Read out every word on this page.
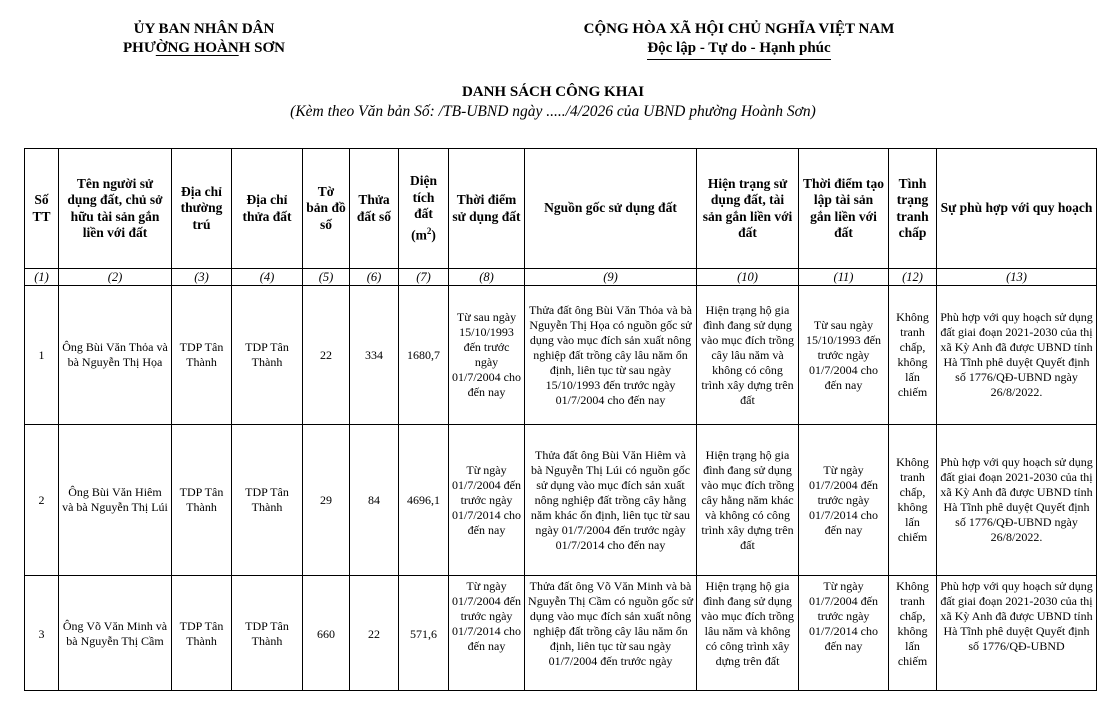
ỦY BAN NHÂN DÂN
PHƯỜNG HOÀNH SƠN
CỘNG HÒA XÃ HỘI CHỦ NGHĨA VIỆT NAM
Độc lập - Tự do - Hạnh phúc
DANH SÁCH CÔNG KHAI
(Kèm theo Văn bản Số: /TB-UBND ngày ...../4/2026 của UBND phường Hoành Sơn)
Số TT	Tên người sử dụng đất, chủ sở hữu tài sản gắn liền với đất	Địa chỉ thường trú	Địa chỉ thửa đất	Tờ bản đồ số	Thửa đất số	Diện tích đất $(m^2)$	Thời điểm sử dụng đất	Nguồn gốc sử dụng đất	Hiện trạng sử dụng đất, tài sản gắn liền với đất	Thời điểm tạo lập tài sản gắn liền với đất	Tình trạng tranh chấp	Sự phù hợp với quy hoạch
(1)	(2)	(3)	(4)	(5)	(6)	(7)	(8)	(9)	(10)	(11)	(12)	(13)
1	Ông Bùi Văn Thỏa và bà Nguyễn Thị Họa	TDP Tân Thành	TDP Tân Thành	22	334	1680,7	Từ sau ngày 15/10/1993 đến trước ngày 01/7/2004 cho đến nay	Thửa đất ông Bùi Văn Thỏa và bà Nguyễn Thị Họa có nguồn gốc sử dụng vào mục đích sản xuất nông nghiệp đất trồng cây lâu năm ổn định, liên tục từ sau ngày 15/10/1993 đến trước ngày 01/7/2004 cho đến nay	Hiện trạng hộ gia đình đang sử dụng vào mục đích trồng cây lâu năm và không có công trình xây dựng trên đất	Từ sau ngày 15/10/1993 đến trước ngày 01/7/2004 cho đến nay	Không tranh chấp, không lấn chiếm	Phù hợp với quy hoạch sử dụng đất giai đoạn 2021-2030 của thị xã Kỳ Anh đã được UBND tỉnh Hà Tĩnh phê duyệt Quyết định số 1776/QĐ-UBND ngày 26/8/2022.
2	Ông Bùi Văn Hiêm và bà Nguyễn Thị Lúi	TDP Tân Thành	TDP Tân Thành	29	84	4696,1	Từ ngày 01/7/2004 đến trước ngày 01/7/2014 cho đến nay	Thửa đất ông Bùi Văn Hiêm và bà Nguyễn Thị Lúi có nguồn gốc sử dụng vào mục đích sản xuất nông nghiệp đất trồng cây hằng năm khác ổn định, liên tục từ sau ngày 01/7/2004 đến trước ngày 01/7/2014 cho đến nay	Hiện trạng hộ gia đình đang sử dụng vào mục đích trồng cây hằng năm khác và không có công trình xây dựng trên đất	Từ ngày 01/7/2004 đến trước ngày 01/7/2014 cho đến nay	Không tranh chấp, không lấn chiếm	Phù hợp với quy hoạch sử dụng đất giai đoạn 2021-2030 của thị xã Kỳ Anh đã được UBND tỉnh Hà Tĩnh phê duyệt Quyết định số 1776/QĐ-UBND ngày 26/8/2022.
3	Ông Võ Văn Minh và bà Nguyễn Thị Cầm	TDP Tân Thành	TDP Tân Thành	660	22	571,6	Từ ngày 01/7/2004 đến trước ngày 01/7/2014 cho đến nay	Thửa đất ông Võ Văn Minh và bà Nguyễn Thị Cầm có nguồn gốc sử dụng vào mục đích sản xuất nông nghiệp đất trồng cây lâu năm ổn định, liên tục từ sau ngày 01/7/2004 đến trước ngày	Hiện trạng hộ gia đình đang sử dụng vào mục đích trồng lâu năm và không có công trình xây dựng trên đất	Từ ngày 01/7/2004 đến trước ngày 01/7/2014 cho đến nay	Không tranh chấp, không lấn chiếm	Phù hợp với quy hoạch sử dụng đất giai đoạn 2021-2030 của thị xã Kỳ Anh đã được UBND tỉnh Hà Tĩnh phê duyệt Quyết định số 1776/QĐ-UBND
